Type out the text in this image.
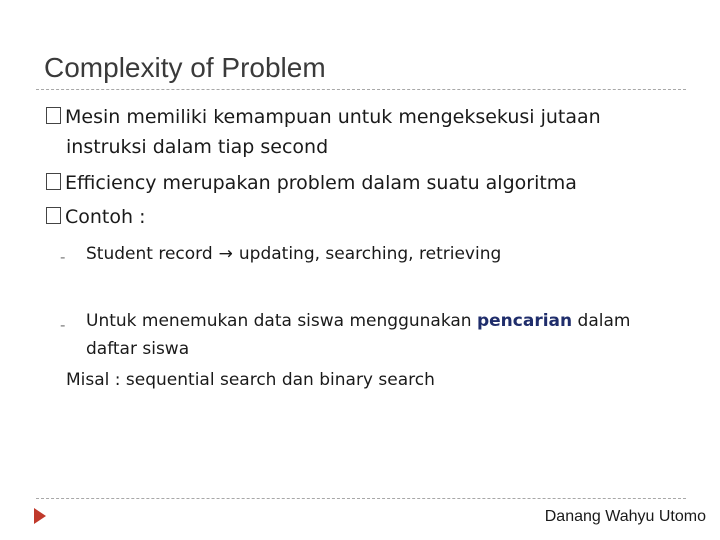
Complexity of Problem
Mesin memiliki kemampuan untuk mengeksekusi jutaan
instruksi dalam tiap second
Efficiency merupakan problem dalam suatu algoritma
Contoh :
- Student record → updating, searching, retrieving
- Untuk menemukan data siswa menggunakan pencarian dalam
daftar siswa
Misal : sequential search dan binary search
Danang Wahyu Utomo
